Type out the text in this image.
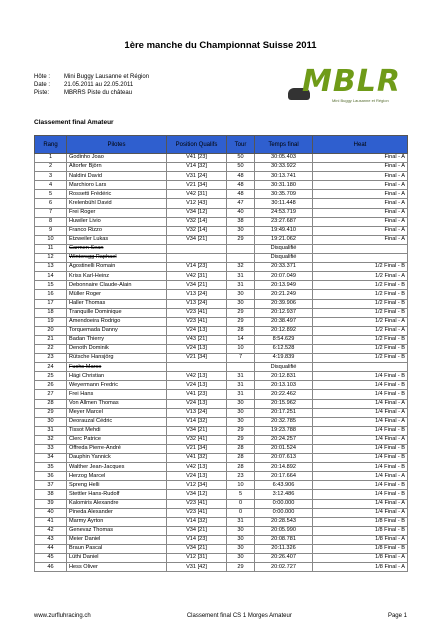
1ère manche du Championnat Suisse 2011
Hôte :	Mini Buggy Lausanne et Région
Date :	21.05.2011 au 22.05.2011
Piste:	MBRRS Piste du château	MBLR
Mini Buggy Lausanne et Région
Classement final Amateur
Rang	Pilotes	Position Qualifs	Tour	Temps final	Heat
1	Godinho Joao	V41 [23]	50	30:05.403	Final - A
2	Altorfer Björn	V14 [32]	50	30:33.922	Final - A
3	Naldini David	V31 [24]	48	30:13.741	Final - A
4	Marchioro Lars	V21 [34]	48	30:31.180	Final - A
5	Rossetti Frédéric	V42 [31]	48	30:35.709	Final - A
6	Krelenbühl David	V12 [43]	47	30:11.448	Final - A
7	Frei Roger	V34 [12]	40	24:53.719	Final - A
8	Huwiler Livio	V32 [14]	38	23:27.687	Final - A
9	Franco Rizzo	V32 [14]	30	19:49.410	Final - A
10	Etzweiler Lukas	V34 [21]	29	19:21.062	Final - A
11	Carmen Sean			Disqualifié	
12	Wintersgg Raphael			Disqualifié	
13	Agostinelli Romain	V14 [23]	32	20:33.371	1/2 Final - B
14	Kriss Karl-Heinz	V42 [31]	31	20:07.049	1/2 Final - A
15	Debonnaire Claude-Alain	V34 [21]	31	20:13.949	1/2 Final - B
16	Müller Roger	V13 [24]	30	20:21.249	1/2 Final - B
17	Haller Thomas	V13 [24]	30	20:39.906	1/2 Final - B
18	Tranquille Dominique	V23 [41]	29	20:12.937	1/2 Final - B
19	Amendoeira Rodrigo	V23 [41]	29	20:38.497	1/2 Final - A
20	Torquemada Danny	V24 [13]	28	20:12.892	1/2 Final - A
21	Badan Thierry	V43 [21]	14	8:54.629	1/2 Final - B
22	Denoth Dominik	V24 [13]	10	6:12.528	1/2 Final - B
23	Rütsche Hansjörg	V21 [34]	7	4:19.839	1/2 Final - B
24	Fuchs Marco			Disqualifié	
25	Hägi Christian	V42 [13]	31	20:12.831	1/4 Final - B
26	Weyermann Fredric	V24 [13]	31	20:13.103	1/4 Final - B
27	Frei Hans	V41 [23]	31	20:22.462	1/4 Final - B
28	Von Allmen Thomas	V24 [13]	30	20:15.962	1/4 Final - A
29	Meyer Marcel	V13 [24]	30	20:17.251	1/4 Final - A
30	Deorauzal Cédric	V14 [32]	30	20:32.785	1/4 Final - A
31	Tissot Mehdi	V34 [21]	29	19:23.788	1/4 Final - B
32	Clerc Patrice	V32 [41]	29	20:24.257	1/4 Final - A
33	Offreda Pierre-André	V21 [34]	28	20:01.524	1/4 Final - B
34	Dauphin Yannick	V41 [32]	28	20:07.613	1/4 Final - B
35	Walther Jean-Jacques	V42 [13]	28	20:14.892	1/4 Final - B
36	Herzog Marcel	V24 [13]	23	20:17.664	1/4 Final - A
37	Spreng Helli	V12 [34]	10	6:43.906	1/4 Final - B
38	Stettler Hans-Rudolf	V34 [12]	5	3:12.486	1/4 Final - B
39	Kalomiris Alexandre	V23 [41]	0	0:00.000	1/4 Final - A
40	Pineda Alexander	V23 [41]	0	0:00.000	1/4 Final - A
41	Marmy Ayrton	V14 [32]	31	20:28.543	1/8 Final - B
42	Genevaz Thomas	V34 [21]	30	20:05.990	1/8 Final - B
43	Meier Daniel	V14 [23]	30	20:08.781	1/8 Final - A
44	Braun Pascal	V34 [21]	30	20:11.326	1/8 Final - B
45	Lüthi Daniel	V12 [31]	30	20:26.407	1/8 Final - A
46	Hess Oliver	V31 [42]	29	20:02.727	1/8 Final - A
www.zurfluhracing.ch	Classement final CS 1 Morges Amateur	Page 1
